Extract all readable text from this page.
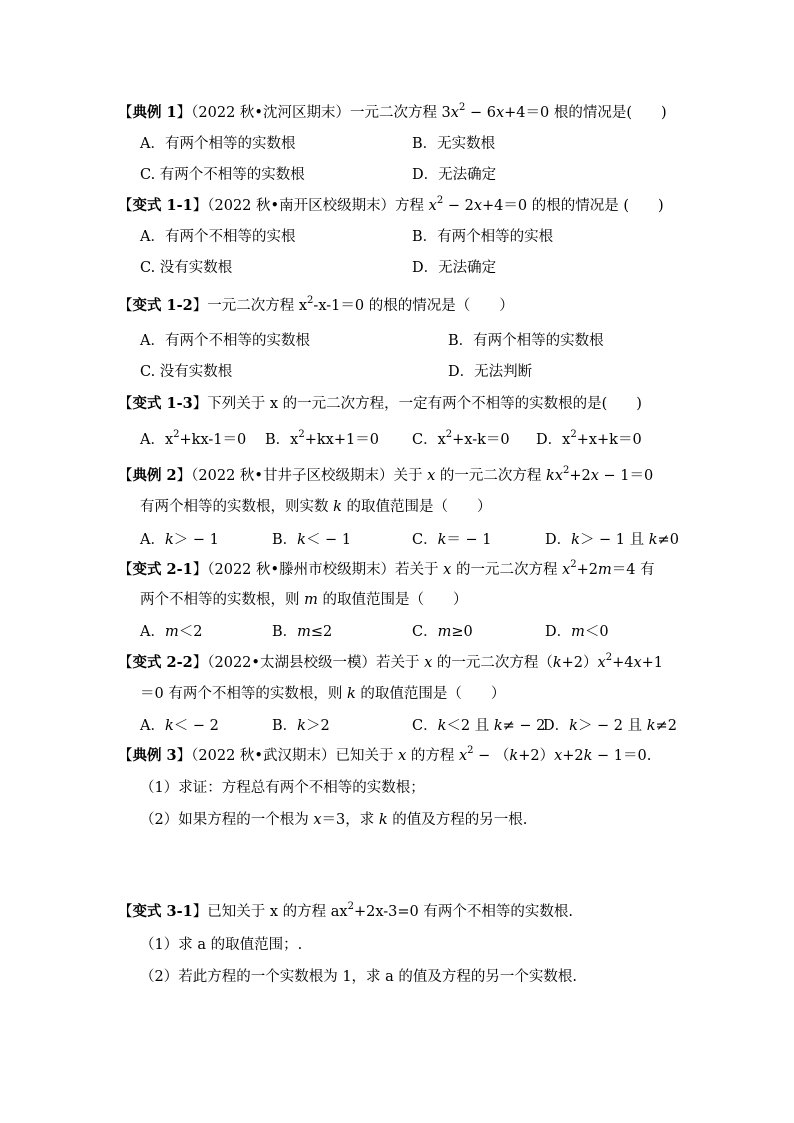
【典例 1】（2022 秋•沈河区期末）一元二次方程 $3x^2 - 6x+4=0$ 根的情况是(　　)
A．有两个相等的实数根	B．无实数根
C. 有两个不相等的实数根	D．无法确定
【变式 1-1】（2022 秋•南开区校级期末）方程 $x^2 - 2x+4=0$ 的根的情况是 (　　)
A．有两个不相等的实根	B．有两个相等的实根
C. 没有实数根	D．无法确定
【变式 1-2】一元二次方程 $x^2-x-1=0$ 的根的情况是（　　）
A．有两个不相等的实数根	B．有两个相等的实数根
C. 没有实数根	D．无法判断
【变式 1-3】下列关于 x 的一元二次方程，一定有两个不相等的实数根的是(　　)
A．$x^2+kx-1=0$ B．$x^2+kx+1=0$ C．$x^2+x-k=0$ D．$x^2+x+k=0$
【典例 2】（2022 秋•甘井子区校级期末）关于 x 的一元二次方程 $kx^2+2x - 1=0$
有两个相等的实数根，则实数 k 的取值范围是（　　）
A．k＞ − 1	B．k＜ − 1	C．k＝ − 1	D．k＞ − 1 且 k≠0
【变式 2-1】（2022 秋•滕州市校级期末）若关于 x 的一元二次方程 $x^2+2m=4$ 有
两个不相等的实数根，则 m 的取值范围是（　　）
A．m＜2	B．m≤2	C．m≥0	D．m＜0
【变式 2-2】（2022•太湖县校级一模）若关于 x 的一元二次方程$(k+2)x^2+4x+1$
＝0 有两个不相等的实数根，则 k 的取值范围是（　　）
A．k＜ − 2	B．k＞2	C．k＜2 且 k≠ − 2
D．k＞ − 2 且 k≠2
【典例 3】（2022 秋•武汉期末）已知关于 x 的方程 $x^2 - (k+2)x+2k - 1=0$.
（1）求证：方程总有两个不相等的实数根；
（2）如果方程的一个根为 x＝3，求 k 的值及方程的另一根.
【变式 3-1】已知关于 x 的方程 $ax^2+2x-3=0$ 有两个不相等的实数根.
（1）求 a 的取值范围；.
（2）若此方程的一个实数根为 1，求 a 的值及方程的另一个实数根.
